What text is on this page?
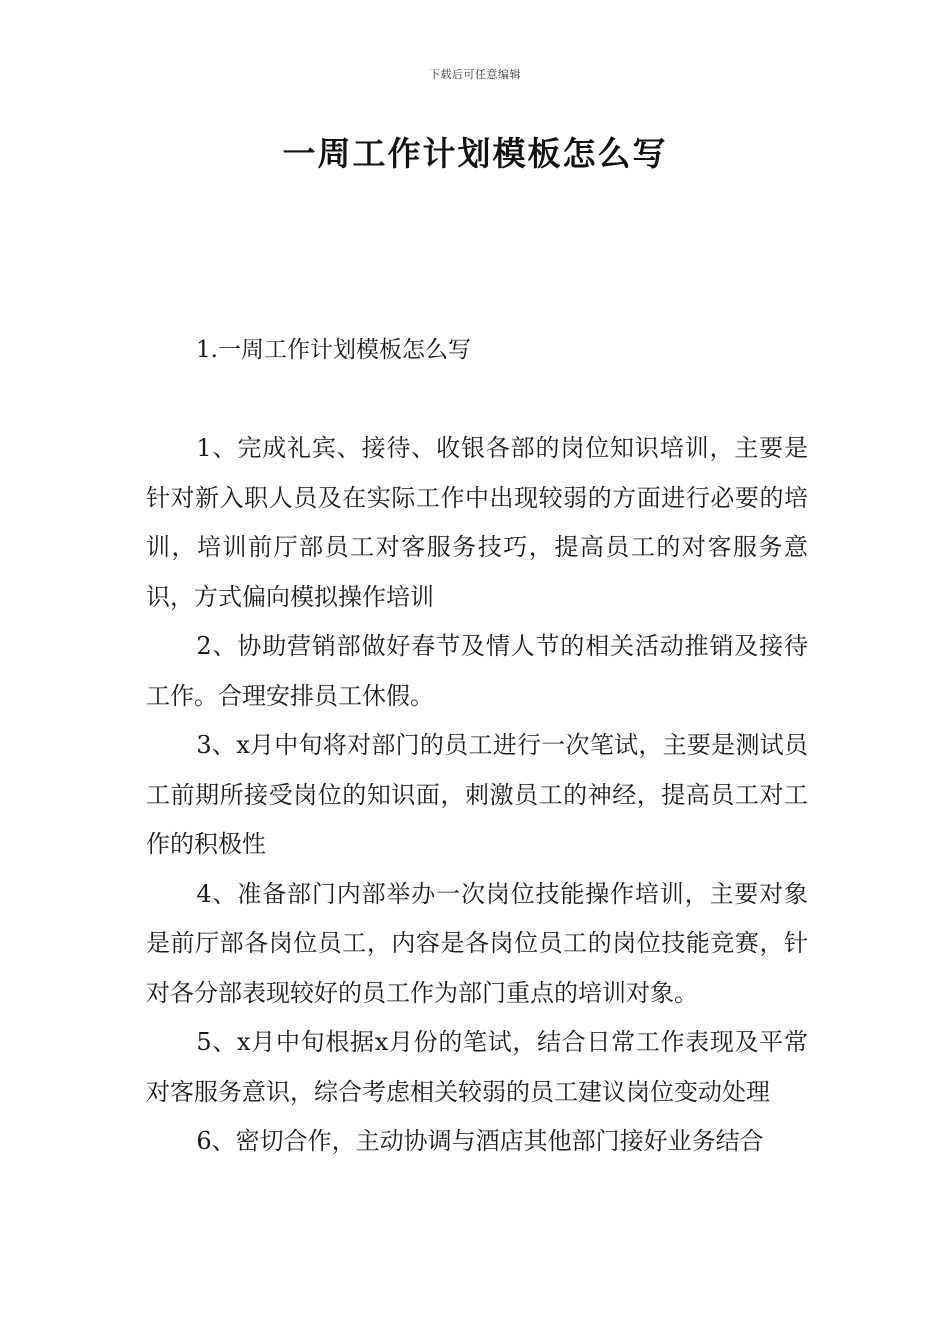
下载后可任意编辑
一周工作计划模板怎么写
1.一周工作计划模板怎么写

1、完成礼宾、接待、收银各部的岗位知识培训，主要是针对新入职人员及在实际工作中出现较弱的方面进行必要的培训，培训前厅部员工对客服务技巧，提高员工的对客服务意识，方式偏向模拟操作培训

2、协助营销部做好春节及情人节的相关活动推销及接待工作。合理安排员工休假。

3、x月中旬将对部门的员工进行一次笔试，主要是测试员工前期所接受岗位的知识面，刺激员工的神经，提高员工对工作的积极性

4、准备部门内部举办一次岗位技能操作培训，主要对象是前厅部各岗位员工，内容是各岗位员工的岗位技能竞赛，针对各分部表现较好的员工作为部门重点的培训对象。

5、x月中旬根据x月份的笔试，结合日常工作表现及平常对客服务意识，综合考虑相关较弱的员工建议岗位变动处理

6、密切合作，主动协调与酒店其他部门接好业务结合
